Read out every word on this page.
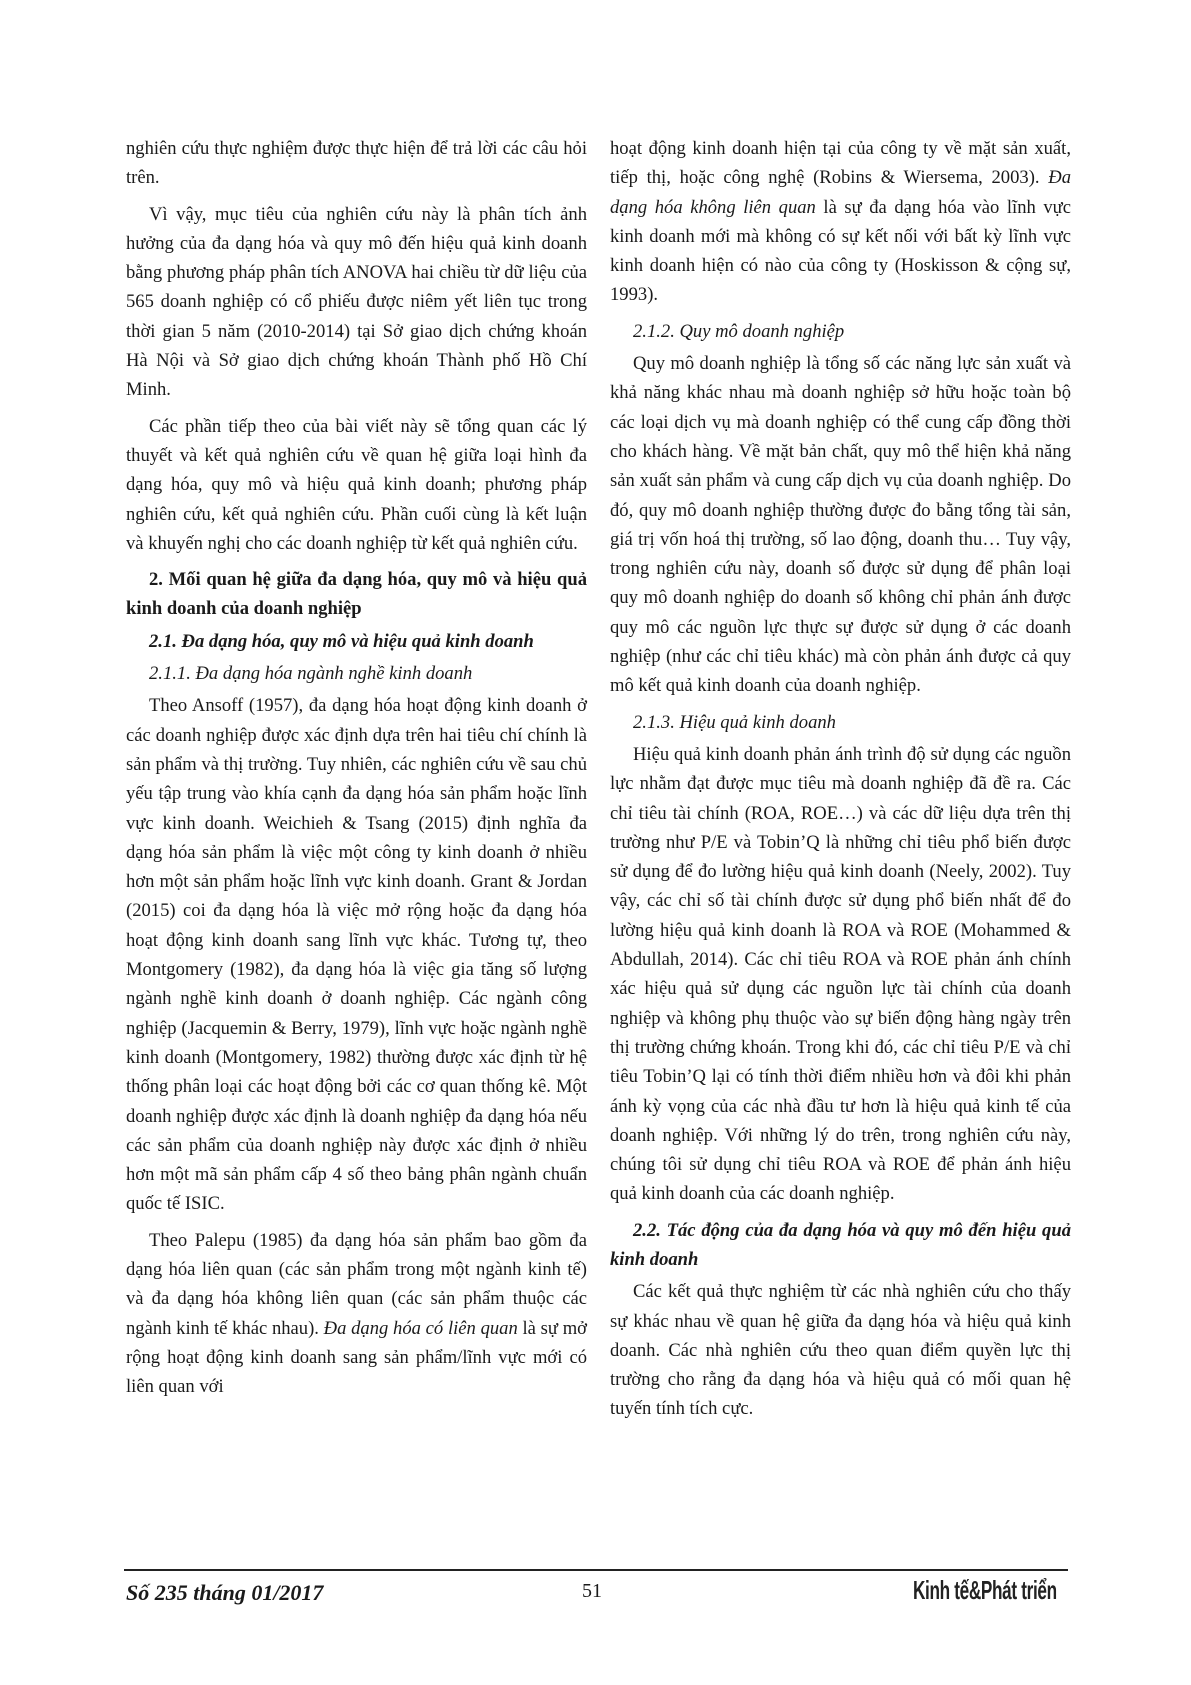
nghiên cứu thực nghiệm được thực hiện để trả lời các câu hỏi trên.

Vì vậy, mục tiêu của nghiên cứu này là phân tích ảnh hưởng của đa dạng hóa và quy mô đến hiệu quả kinh doanh bằng phương pháp phân tích ANOVA hai chiều từ dữ liệu của 565 doanh nghiệp có cổ phiếu được niêm yết liên tục trong thời gian 5 năm (2010-2014) tại Sở giao dịch chứng khoán Hà Nội và Sở giao dịch chứng khoán Thành phố Hồ Chí Minh.

Các phần tiếp theo của bài viết này sẽ tổng quan các lý thuyết và kết quả nghiên cứu về quan hệ giữa loại hình đa dạng hóa, quy mô và hiệu quả kinh doanh; phương pháp nghiên cứu, kết quả nghiên cứu. Phần cuối cùng là kết luận và khuyến nghị cho các doanh nghiệp từ kết quả nghiên cứu.

2. Mối quan hệ giữa đa dạng hóa, quy mô và hiệu quả kinh doanh của doanh nghiệp

2.1. Đa dạng hóa, quy mô và hiệu quả kinh doanh

2.1.1. Đa dạng hóa ngành nghề kinh doanh

Theo Ansoff (1957), đa dạng hóa hoạt động kinh doanh ở các doanh nghiệp được xác định dựa trên hai tiêu chí chính là sản phẩm và thị trường. Tuy nhiên, các nghiên cứu về sau chủ yếu tập trung vào khía cạnh đa dạng hóa sản phẩm hoặc lĩnh vực kinh doanh. Weichieh & Tsang (2015) định nghĩa đa dạng hóa sản phẩm là việc một công ty kinh doanh ở nhiều hơn một sản phẩm hoặc lĩnh vực kinh doanh. Grant & Jordan (2015) coi đa dạng hóa là việc mở rộng hoặc đa dạng hóa hoạt động kinh doanh sang lĩnh vực khác. Tương tự, theo Montgomery (1982), đa dạng hóa là việc gia tăng số lượng ngành nghề kinh doanh ở doanh nghiệp. Các ngành công nghiệp (Jacquemin & Berry, 1979), lĩnh vực hoặc ngành nghề kinh doanh (Montgomery, 1982) thường được xác định từ hệ thống phân loại các hoạt động bởi các cơ quan thống kê. Một doanh nghiệp được xác định là doanh nghiệp đa dạng hóa nếu các sản phẩm của doanh nghiệp này được xác định ở nhiều hơn một mã sản phẩm cấp 4 số theo bảng phân ngành chuẩn quốc tế ISIC.

Theo Palepu (1985) đa dạng hóa sản phẩm bao gồm đa dạng hóa liên quan (các sản phẩm trong một ngành kinh tế) và đa dạng hóa không liên quan (các sản phẩm thuộc các ngành kinh tế khác nhau). Đa dạng hóa có liên quan là sự mở rộng hoạt động kinh doanh sang sản phẩm/lĩnh vực mới có liên quan với

hoạt động kinh doanh hiện tại của công ty về mặt sản xuất, tiếp thị, hoặc công nghệ (Robins & Wiersema, 2003). Đa dạng hóa không liên quan là sự đa dạng hóa vào lĩnh vực kinh doanh mới mà không có sự kết nối với bất kỳ lĩnh vực kinh doanh hiện có nào của công ty (Hoskisson & cộng sự, 1993).

2.1.2. Quy mô doanh nghiệp

Quy mô doanh nghiệp là tổng số các năng lực sản xuất và khả năng khác nhau mà doanh nghiệp sở hữu hoặc toàn bộ các loại dịch vụ mà doanh nghiệp có thể cung cấp đồng thời cho khách hàng. Về mặt bản chất, quy mô thể hiện khả năng sản xuất sản phẩm và cung cấp dịch vụ của doanh nghiệp. Do đó, quy mô doanh nghiệp thường được đo bằng tổng tài sản, giá trị vốn hoá thị trường, số lao động, doanh thu… Tuy vậy, trong nghiên cứu này, doanh số được sử dụng để phân loại quy mô doanh nghiệp do doanh số không chỉ phản ánh được quy mô các nguồn lực thực sự được sử dụng ở các doanh nghiệp (như các chỉ tiêu khác) mà còn phản ánh được cả quy mô kết quả kinh doanh của doanh nghiệp.

2.1.3. Hiệu quả kinh doanh

Hiệu quả kinh doanh phản ánh trình độ sử dụng các nguồn lực nhằm đạt được mục tiêu mà doanh nghiệp đã đề ra. Các chỉ tiêu tài chính (ROA, ROE…) và các dữ liệu dựa trên thị trường như P/E và Tobin’Q là những chỉ tiêu phổ biến được sử dụng để đo lường hiệu quả kinh doanh (Neely, 2002). Tuy vậy, các chỉ số tài chính được sử dụng phổ biến nhất để đo lường hiệu quả kinh doanh là ROA và ROE (Mohammed & Abdullah, 2014). Các chỉ tiêu ROA và ROE phản ánh chính xác hiệu quả sử dụng các nguồn lực tài chính của doanh nghiệp và không phụ thuộc vào sự biến động hàng ngày trên thị trường chứng khoán. Trong khi đó, các chỉ tiêu P/E và chỉ tiêu Tobin’Q lại có tính thời điểm nhiều hơn và đôi khi phản ánh kỳ vọng của các nhà đầu tư hơn là hiệu quả kinh tế của doanh nghiệp. Với những lý do trên, trong nghiên cứu này, chúng tôi sử dụng chỉ tiêu ROA và ROE để phản ánh hiệu quả kinh doanh của các doanh nghiệp.

2.2. Tác động của đa dạng hóa và quy mô đến hiệu quả kinh doanh

Các kết quả thực nghiệm từ các nhà nghiên cứu cho thấy sự khác nhau về quan hệ giữa đa dạng hóa và hiệu quả kinh doanh. Các nhà nghiên cứu theo quan điểm quyền lực thị trường cho rằng đa dạng hóa và hiệu quả có mối quan hệ tuyến tính tích cực.

Số 235 tháng 01/2017	51	Kinh tế&Phát triển
